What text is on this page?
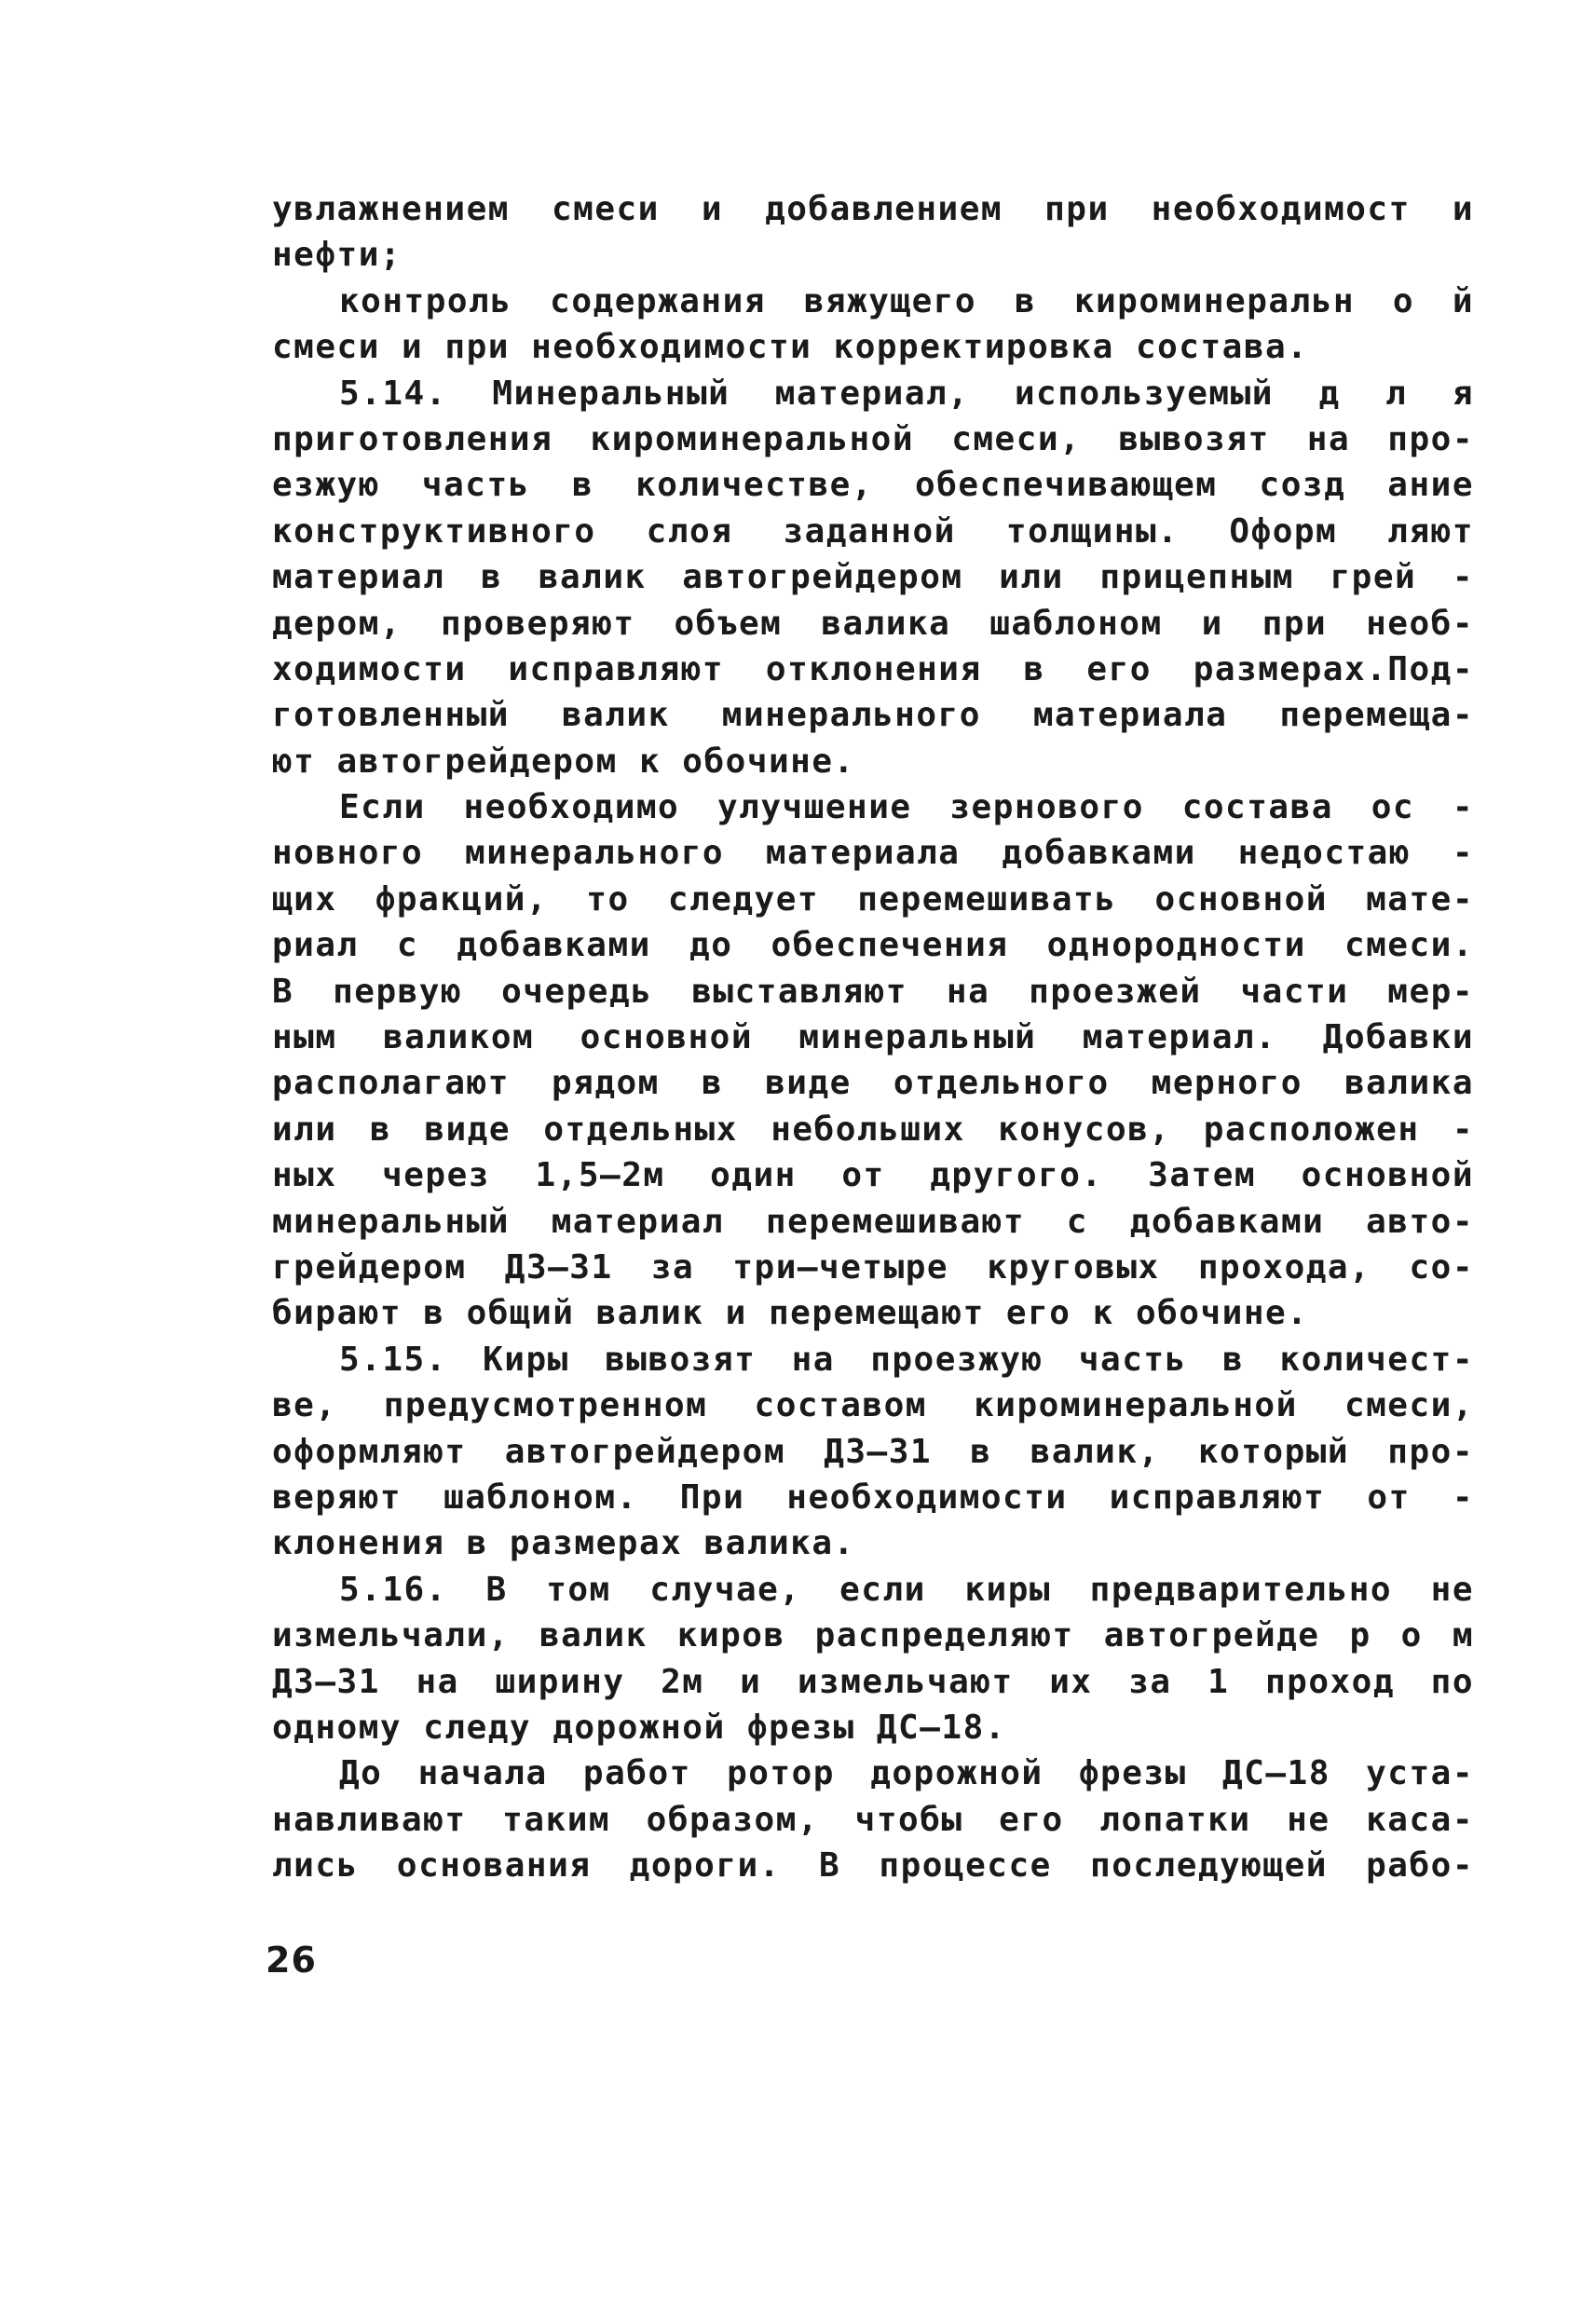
увлажнением смеси и добавлением при необходимост и
нефти;
контроль содержания вяжущего в кироминеральн о й
смеси и при необходимости корректировка состава.
5.14. Минеральный материал, используемый д л я
приготовления кироминеральной смеси, вывозят на про-
езжую часть в количестве, обеспечивающем созд ание
конструктивного слоя заданной толщины. Оформ ляют
материал в валик автогрейдером или прицепным грей -
дером, проверяют объем валика шаблоном и при необ-
ходимости исправляют отклонения в его размерах.Под-
готовленный валик минерального материала перемеща-
ют автогрейдером к обочине.
Если необходимо улучшение зернового состава ос -
новного минерального материала добавками недостаю -
щих фракций, то следует перемешивать основной мате-
риал с добавками до обеспечения однородности смеси.
В первую очередь выставляют на проезжей части мер-
ным валиком основной минеральный материал. Добавки
располагают рядом в виде отдельного мерного валика
или в виде отдельных небольших конусов, расположен -
ных через 1,5–2м один от другого. Затем основной
минеральный материал перемешивают с добавками авто-
грейдером ДЗ–31 за три–четыре круговых прохода, со-
бирают в общий валик и перемещают его к обочине.
5.15. Киры вывозят на проезжую часть в количест-
ве, предусмотренном составом кироминеральной смеси,
оформляют автогрейдером ДЗ–31 в валик, который про-
веряют шаблоном. При необходимости исправляют от -
клонения в размерах валика.
5.16. В том случае, если киры предварительно не
измельчали, валик киров распределяют автогрейде р о м
ДЗ–31 на ширину 2м и измельчают их за 1 проход по
одному следу дорожной фрезы ДС–18.
До начала работ ротор дорожной фрезы ДС–18 уста-
навливают таким образом, чтобы его лопатки не каса-
лись основания дороги. В процессе последующей рабо-
26
